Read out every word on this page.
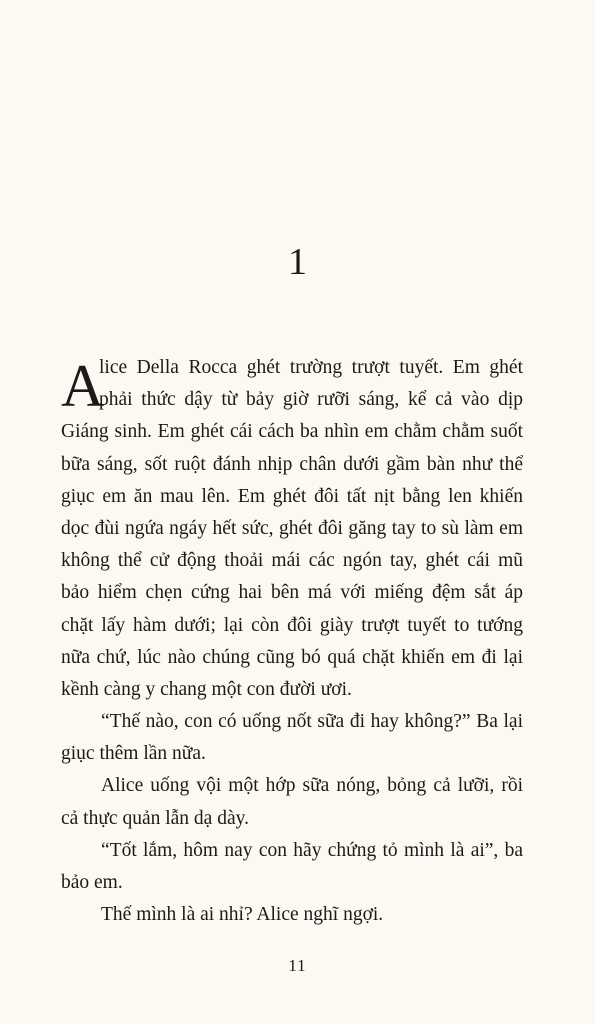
1
A
lice Della Rocca ghét trường trượt tuyết. Em ghét
phải thức dậy từ bảy giờ rưỡi sáng, kể cả vào dịp
Giáng sinh. Em ghét cái cách ba nhìn em chằm chằm suốt
bữa sáng, sốt ruột đánh nhịp chân dưới gầm bàn như thể
giục em ăn mau lên. Em ghét đôi tất nịt bằng len khiến
dọc đùi ngứa ngáy hết sức, ghét đôi găng tay to sù làm em
không thể cử động thoải mái các ngón tay, ghét cái mũ
bảo hiểm chẹn cứng hai bên má với miếng đệm sắt áp
chặt lấy hàm dưới; lại còn đôi giày trượt tuyết to tướng
nữa chứ, lúc nào chúng cũng bó quá chặt khiến em đi lại
kềnh càng y chang một con đười ươi.
“Thế nào, con có uống nốt sữa đi hay không?” Ba lại
giục thêm lần nữa.
Alice uống vội một hớp sữa nóng, bỏng cả lưỡi, rồi
cả thực quản lẫn dạ dày.
“Tốt lắm, hôm nay con hãy chứng tỏ mình là ai”, ba
bảo em.
Thế mình là ai nhỉ? Alice nghĩ ngợi.
11
